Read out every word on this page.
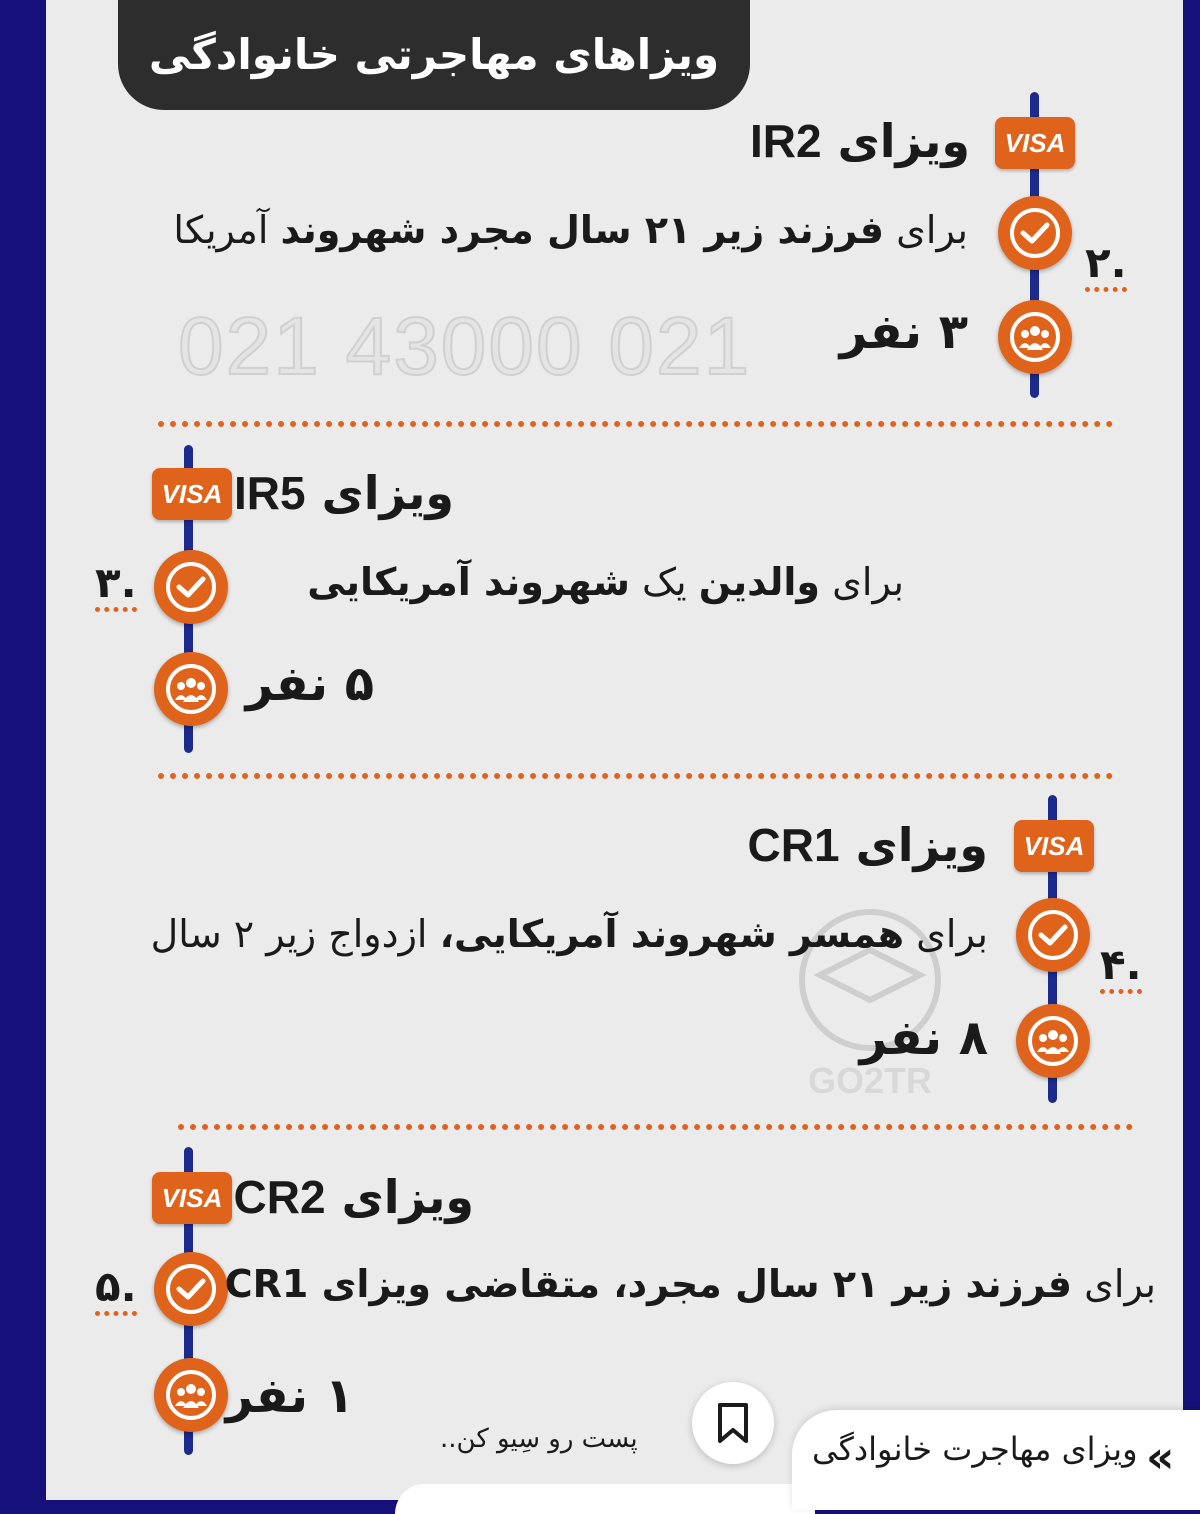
ویزاهای مهاجرتی خانوادگی
021 43000 021
GO2TR
VISA
ویزای IR2
برای فرزند زیر ۲۱ سال مجرد شهروند آمریکا
۳ نفر
۲.
VISA	ویزای IR5
برای والدین یک شهروند آمریکایی
۵ نفر
۳.
VISA
ویزای CR1
برای همسر شهروند آمریکایی، ازدواج زیر ۲ سال
۸ نفر
۴.
VISA	ویزای CR2
برای فرزند زیر ۲۱ سال مجرد، متقاضی ویزای CR1
۱ نفر
۵.
پست رو سِیو کن..	ویزای مهاجرت خانوادگی «
